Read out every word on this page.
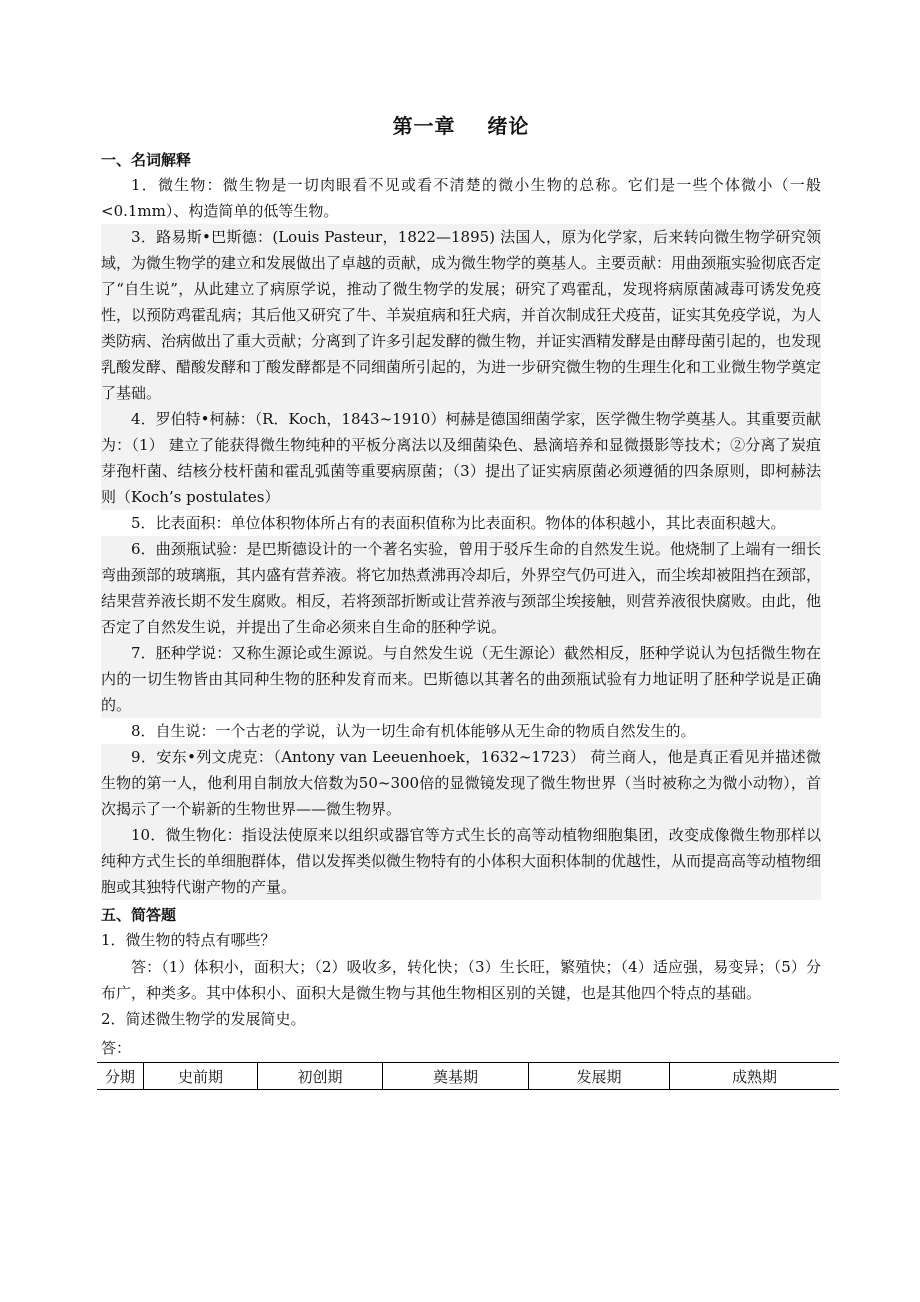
第一章    绪论
一、名词解释

1．微生物：微生物是一切肉眼看不见或看不清楚的微小生物的总称。它们是一些个体微小（一般<0.1mm）、构造简单的低等生物。

3．路易斯•巴斯德：(Louis Pasteur，1822—1895) 法国人，原为化学家，后来转向微生物学研究领域，为微生物学的建立和发展做出了卓越的贡献，成为微生物学的奠基人。主要贡献：用曲颈瓶实验彻底否定了“自生说”，从此建立了病原学说，推动了微生物学的发展；研究了鸡霍乱，发现将病原菌减毒可诱发免疫性，以预防鸡霍乱病；其后他又研究了牛、羊炭疽病和狂犬病，并首次制成狂犬疫苗，证实其免疫学说，为人类防病、治病做出了重大贡献；分离到了许多引起发酵的微生物，并证实酒精发酵是由酵母菌引起的，也发现乳酸发酵、醋酸发酵和丁酸发酵都是不同细菌所引起的，为进一步研究微生物的生理生化和工业微生物学奠定了基础。

4．罗伯特•柯赫：（R．Koch，1843~1910）柯赫是德国细菌学家，医学微生物学奠基人。其重要贡献为：（1） 建立了能获得微生物纯种的平板分离法以及细菌染色、悬滴培养和显微摄影等技术；②分离了炭疽芽孢杆菌、结核分枝杆菌和霍乱弧菌等重要病原菌；（3）提出了证实病原菌必须遵循的四条原则，即柯赫法则（Koch’s postulates）

5．比表面积：单位体积物体所占有的表面积值称为比表面积。物体的体积越小，其比表面积越大。

6．曲颈瓶试验：是巴斯德设计的一个著名实验，曾用于驳斥生命的自然发生说。他烧制了上端有一细长弯曲颈部的玻璃瓶，其内盛有营养液。将它加热煮沸再冷却后，外界空气仍可进入，而尘埃却被阻挡在颈部，结果营养液长期不发生腐败。相反，若将颈部折断或让营养液与颈部尘埃接触，则营养液很快腐败。由此，他否定了自然发生说，并提出了生命必须来自生命的胚种学说。

7．胚种学说：又称生源论或生源说。与自然发生说（无生源论）截然相反，胚种学说认为包括微生物在内的一切生物皆由其同种生物的胚种发育而来。巴斯德以其著名的曲颈瓶试验有力地证明了胚种学说是正确的。

8．自生说：一个古老的学说，认为一切生命有机体能够从无生命的物质自然发生的。

9．安东•列文虎克：（Antony van Leeuenhoek，1632~1723） 荷兰商人，他是真正看见并描述微生物的第一人，他利用自制放大倍数为50~300倍的显微镜发现了微生物世界（当时被称之为微小动物），首次揭示了一个崭新的生物世界——微生物界。

10．微生物化：指设法使原来以组织或器官等方式生长的高等动植物细胞集团，改变成像微生物那样以纯种方式生长的单细胞群体，借以发挥类似微生物特有的小体积大面积体制的优越性，从而提高高等动植物细胞或其独特代谢产物的产量。

五、简答题

1．微生物的特点有哪些？

答：（1）体积小，面积大；（2）吸收多，转化快；（3）生长旺，繁殖快；（4）适应强，易变异；（5）分布广，种类多。其中体积小、面积大是微生物与其他生物相区别的关键，也是其他四个特点的基础。

2．简述微生物学的发展简史。

答：
分期	史前期	初创期	奠基期	发展期	成熟期
